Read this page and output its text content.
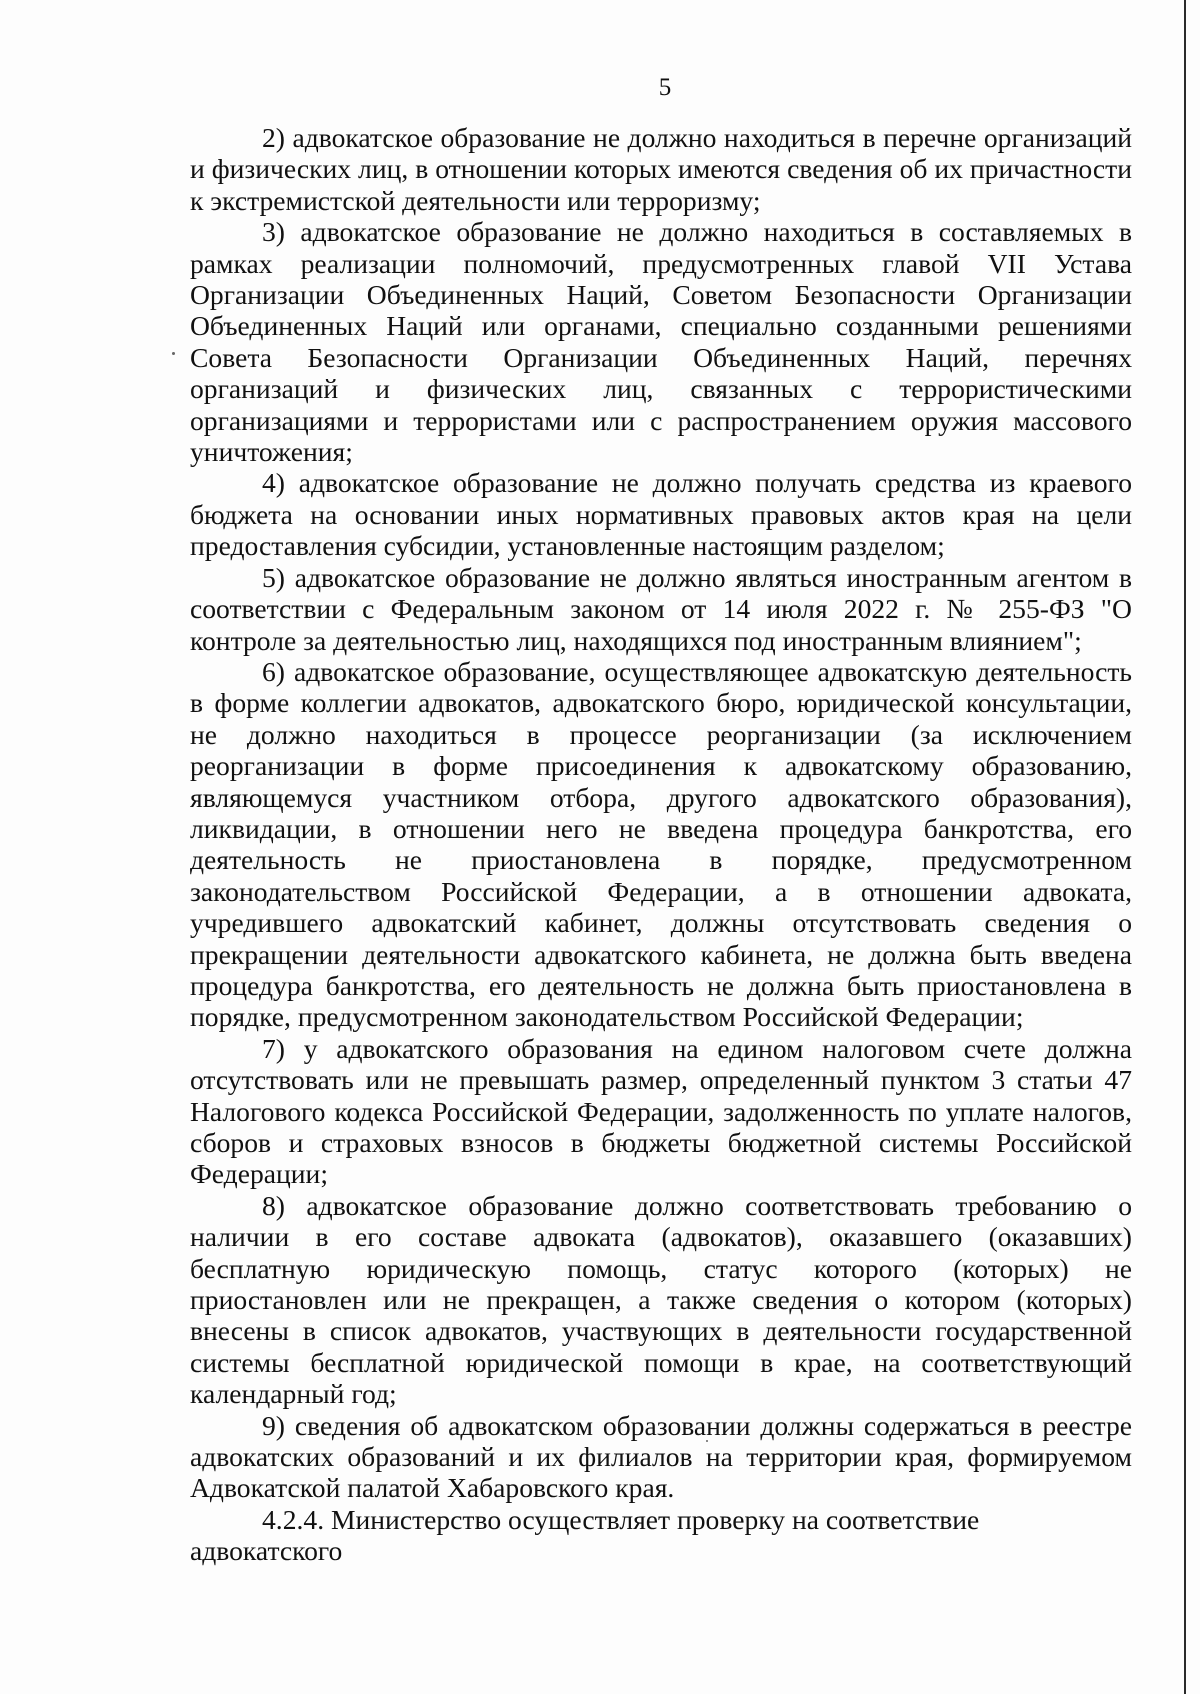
5

2) адвокатское образование не должно находиться в перечне организаций и физических лиц, в отношении которых имеются сведения об их причастности к экстремистской деятельности или терроризму;

3) адвокатское образование не должно находиться в составляемых в рамках реализации полномочий, предусмотренных главой VII Устава Организации Объединенных Наций, Советом Безопасности Организации Объединенных Наций или органами, специально созданными решениями Совета Безопасности Организации Объединенных Наций, перечнях организаций и физических лиц, связанных с террористическими организациями и террористами или с распространением оружия массового уничтожения;

4) адвокатское образование не должно получать средства из краевого бюджета на основании иных нормативных правовых актов края на цели предоставления субсидии, установленные настоящим разделом;

5) адвокатское образование не должно являться иностранным агентом в соответствии с Федеральным законом от 14 июля 2022 г. № 255-ФЗ "О контроле за деятельностью лиц, находящихся под иностранным влиянием";

6) адвокатское образование, осуществляющее адвокатскую деятельность в форме коллегии адвокатов, адвокатского бюро, юридической консультации, не должно находиться в процессе реорганизации (за исключением реорганизации в форме присоединения к адвокатскому образованию, являющемуся участником отбора, другого адвокатского образования), ликвидации, в отношении него не введена процедура банкротства, его деятельность не приостановлена в порядке, предусмотренном законодательством Российской Федерации, а в отношении адвоката, учредившего адвокатский кабинет, должны отсутствовать сведения о прекращении деятельности адвокатского кабинета, не должна быть введена процедура банкротства, его деятельность не должна быть приостановлена в порядке, предусмотренном законодательством Российской Федерации;

7) у адвокатского образования на едином налоговом счете должна отсутствовать или не превышать размер, определенный пунктом 3 статьи 47 Налогового кодекса Российской Федерации, задолженность по уплате налогов, сборов и страховых взносов в бюджеты бюджетной системы Российской Федерации;

8) адвокатское образование должно соответствовать требованию о наличии в его составе адвоката (адвокатов), оказавшего (оказавших) бесплатную юридическую помощь, статус которого (которых) не приостановлен или не прекращен, а также сведения о котором (которых) внесены в список адвокатов, участвующих в деятельности государственной системы бесплатной юридической помощи в крае, на соответствующий календарный год;

9) сведения об адвокатском образовании должны содержаться в реестре адвокатских образований и их филиалов на территории края, формируемом Адвокатской палатой Хабаровского края.

4.2.4. Министерство осуществляет проверку на соответствие адвокатского
